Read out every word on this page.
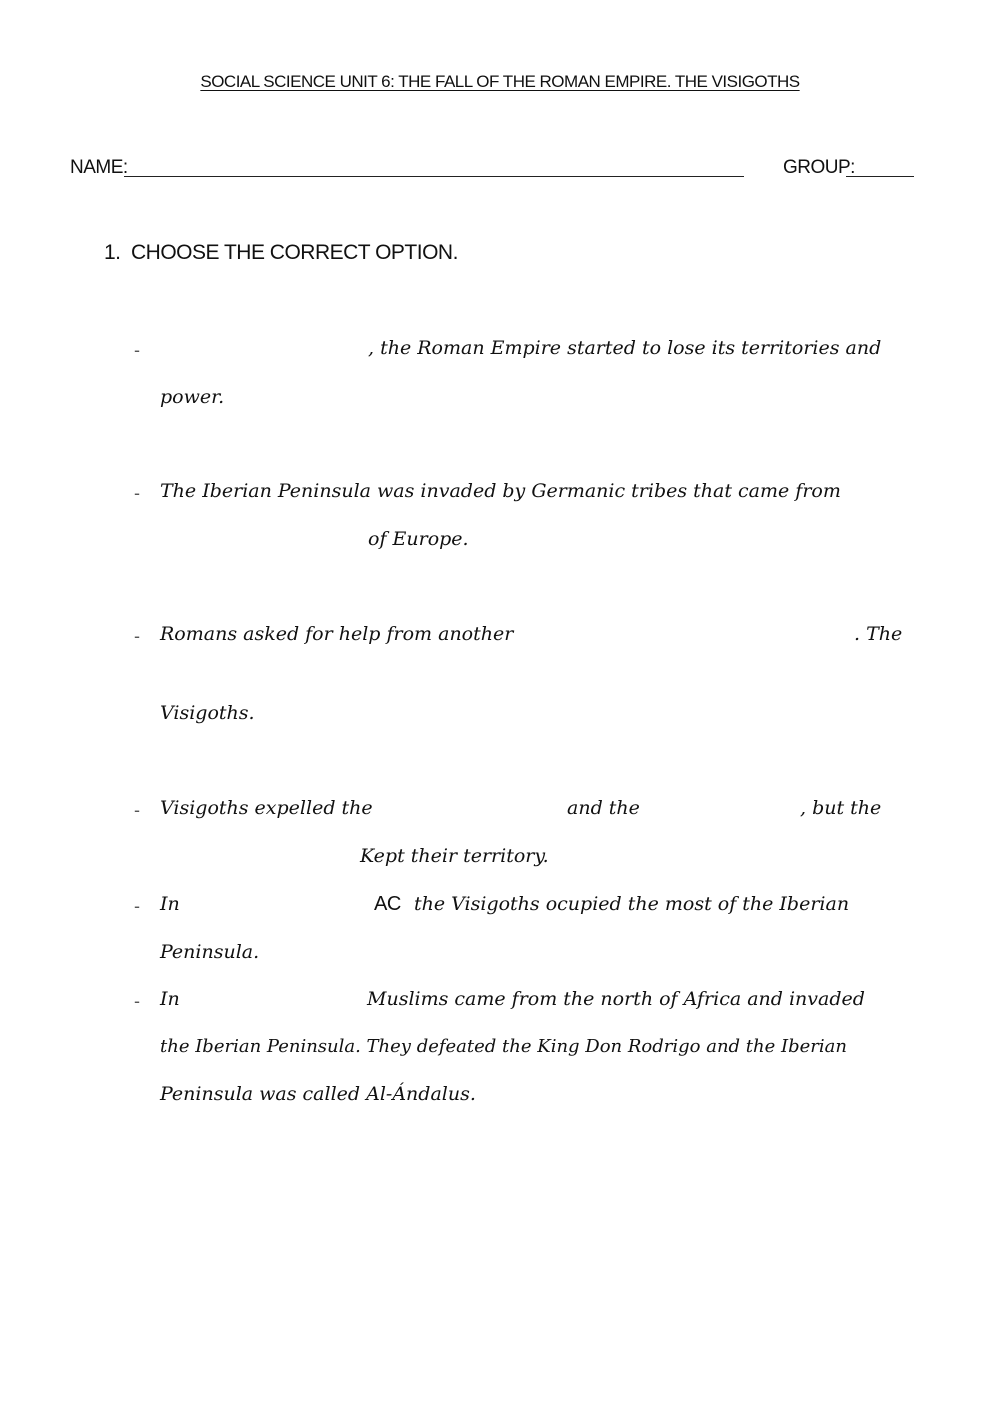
SOCIAL SCIENCE UNIT 6: THE FALL OF THE ROMAN EMPIRE. THE VISIGOTHS
NAME:	GROUP:
1. CHOOSE THE CORRECT OPTION.
-	, the Roman Empire started to lose its territories and
power.
- The Iberian Peninsula was invaded by Germanic tribes that came from
of Europe.
- Romans asked for help from another	. The
Visigoths.
- Visigoths expelled the	and the	, but the
Kept their territory.
- In	AC the Visigoths ocupied the most of the Iberian
Peninsula.
- In	Muslims came from the north of Africa and invaded
the Iberian Peninsula. They defeated the King Don Rodrigo and the Iberian
Peninsula was called Al-Ándalus.
